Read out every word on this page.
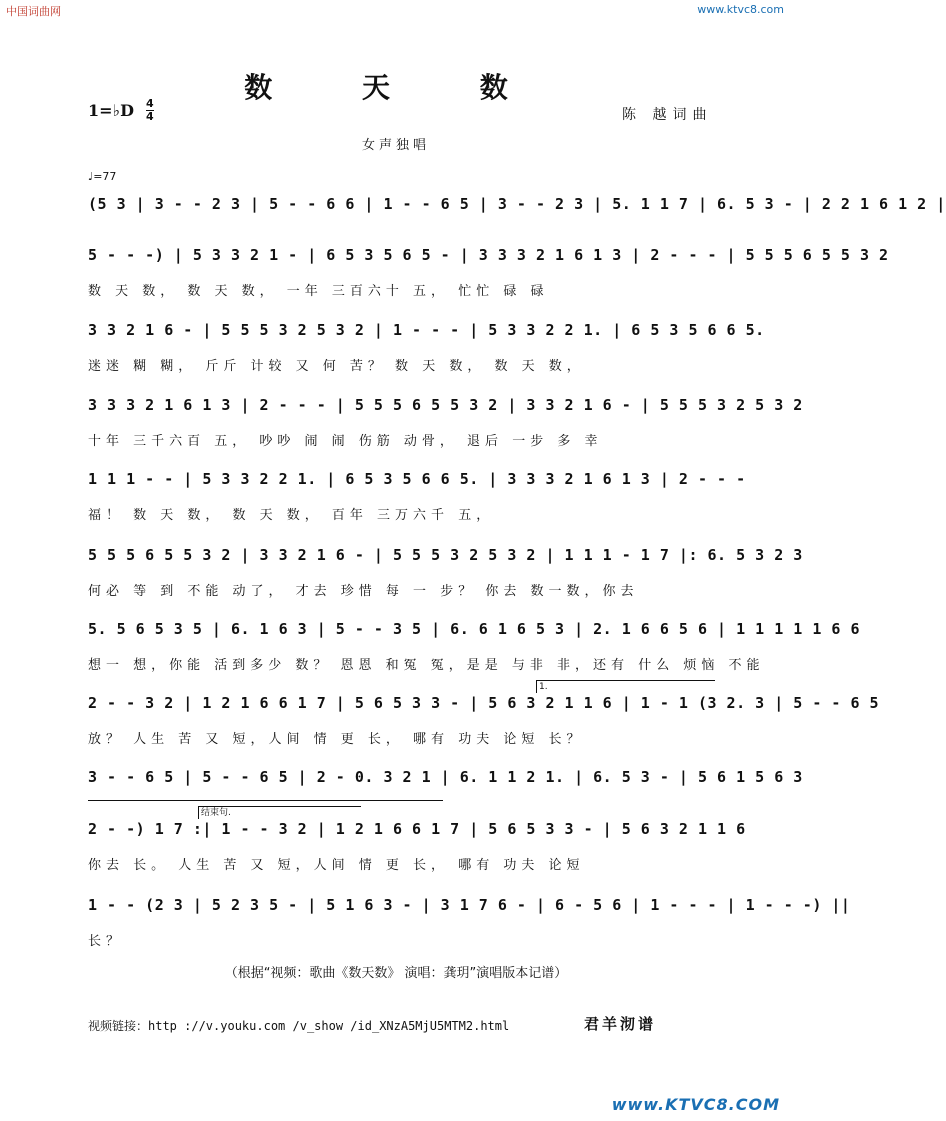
中国词曲网	www.ktvc8.com
数 天 数
1=♭D 4
4	陈 越词曲
女声独唱
♩=77
(5 3 | 3 - - 2 3 | 5 - - 6 6 | 1 - - 6 5 | 3 - - 2 3 | 5. 1 1 7 | 6. 5 3 - | 2 2 1 6 1 2 |
5 - - -) | 5 3 3 2 1 - | 6 5 3 5 6 5 - | 3 3 3 2 1 6 1 3 | 2 - - - | 5 5 5 6 5 5 3 2
数 天 数， 数 天 数， 一年 三百六十 五， 忙忙 碌 碌
3 3 2 1 6 - | 5 5 5 3 2 5 3 2 | 1 - - - | 5 3 3 2 2 1. | 6 5 3 5 6 6 5.
迷迷 糊 糊， 斤斤 计较 又 何 苦？ 数 天 数， 数 天 数，
3 3 3 2 1 6 1 3 | 2 - - - | 5 5 5 6 5 5 3 2 | 3 3 2 1 6 - | 5 5 5 3 2 5 3 2
十年 三千六百 五， 吵吵 闹 闹 伤筋 动骨， 退后 一步 多 幸
1 1 1 - - | 5 3 3 2 2 1. | 6 5 3 5 6 6 5. | 3 3 3 2 1 6 1 3 | 2 - - -
福！ 数 天 数， 数 天 数， 百年 三万六千 五，
5 5 5 6 5 5 3 2 | 3 3 2 1 6 - | 5 5 5 3 2 5 3 2 | 1 1 1 - 1 7 |: 6. 5 3 2 3
何必 等 到 不能 动了， 才去 珍惜 每 一 步？ 你去 数一数，你去
5. 5 6 5 3 5 | 6. 1 6 3 | 5 - - 3 5 | 6. 6 1 6 5 3 | 2. 1 6 6 5 6 | 1 1 1 1 1 6 6
想一 想，你能 活到多少 数？ 恩恩 和冤 冤，是是 与非 非，还有 什么 烦恼 不能
1.
2 - - 3 2 | 1 2 1 6 6 1 7 | 5 6 5 3 3 - | 5 6 3 2 1 1 6 | 1 - 1 (3 2. 3 | 5 - - 6 5
放？ 人生 苦 又 短，人间 情 更 长， 哪有 功夫 论短 长？
3 - - 6 5 | 5 - - 6 5 | 2 - 0. 3 2 1 | 6. 1 1 2 1. | 6. 5 3 - | 5 6 1 5 6 3
结束句.
2 - -) 1 7 :| 1 - - 3 2 | 1 2 1 6 6 1 7 | 5 6 5 3 3 - | 5 6 3 2 1 1 6
你去 长。 人生 苦 又 短，人间 情 更 长， 哪有 功夫 论短
1 - - (2 3 | 5 2 3 5 - | 5 1 6 3 - | 3 1 7 6 - | 6 - 5 6 | 1 - - - | 1 - - -) ||
长？
（根据“视频：歌曲《数天数》 演唱：龚玥”演唱版本记谱）
视频链接：http ://v.youku.com /v_show /id_XNzA5MjU5MTM2.html	君羊沏谱
www.KTVC8.COM
